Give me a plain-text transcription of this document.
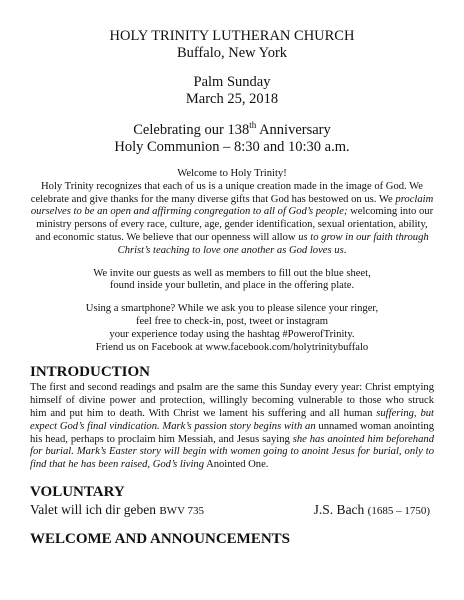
HOLY TRINITY LUTHERAN CHURCH
Buffalo, New York
Palm Sunday
March 25, 2018
Celebrating our 138th Anniversary
Holy Communion – 8:30 and 10:30 a.m.
Welcome to Holy Trinity!
Holy Trinity recognizes that each of us is a unique creation made in the image of God. We celebrate and give thanks for the many diverse gifts that God has bestowed on us. We proclaim ourselves to be an open and affirming congregation to all of God’s people; welcoming into our ministry persons of every race, culture, age, gender identification, sexual orientation, ability, and economic status. We believe that our openness will allow us to grow in our faith through Christ’s teaching to love one another as God loves us.
We invite our guests as well as members to fill out the blue sheet,
found inside your bulletin, and place in the offering plate.
Using a smartphone? While we ask you to please silence your ringer,
feel free to check-in, post, tweet or instagram
your experience today using the hashtag #PowerofTrinity.
Friend us on Facebook at www.facebook.com/holytrinitybuffalo
INTRODUCTION
The first and second readings and psalm are the same this Sunday every year: Christ emptying himself of divine power and protection, willingly becoming vulnerable to those who struck him and put him to death. With Christ we lament his suffering and all human suffering, but expect God’s final vindication. Mark’s passion story begins with an unnamed woman anointing his head, perhaps to proclaim him Messiah, and Jesus saying she has anointed him beforehand for burial. Mark’s Easter story will begin with women going to anoint Jesus for burial, only to find that he has been raised, God’s living Anointed One.
VOLUNTARY
Valet will ich dir geben BWV 735	J.S. Bach (1685 – 1750)
WELCOME AND ANNOUNCEMENTS
